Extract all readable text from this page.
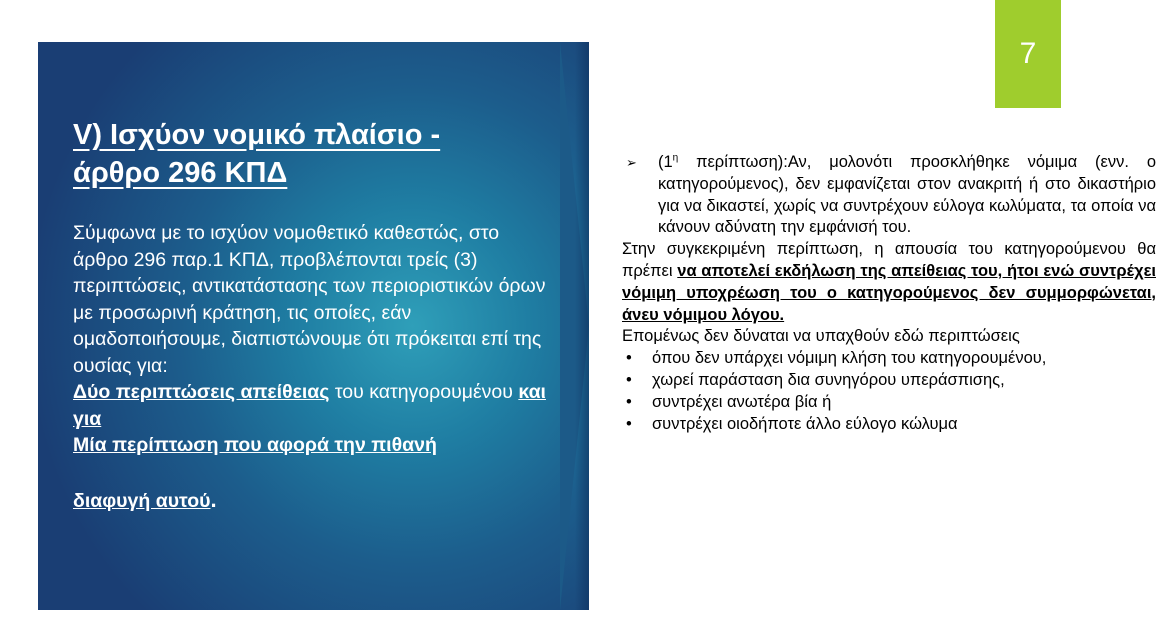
7
V) Ισχύον νομικό πλαίσιο -
άρθρο 296 ΚΠΔ
Σύμφωνα με το ισχύον νομοθετικό καθεστώς, στο άρθρο 296 παρ.1 ΚΠΔ, προβλέπονται τρείς (3) περιπτώσεις, αντικατάστασης των περιοριστικών όρων με προσωρινή κράτηση, τις οποίες, εάν ομαδοποιήσουμε, διαπιστώνουμε ότι πρόκειται επί της ουσίας για:
Δύο περιπτώσεις απείθειας του κατηγορουμένου και για
Μία περίπτωση που αφορά την πιθανή
διαφυγή αυτού.
➢ ($1^\eta$ περίπτωση):Αν, μολονότι προσκλήθηκε νόμιμα (ενν. ο κατηγορούμενος), δεν εμφανίζεται στον ανακριτή ή στο δικαστήριο για να δικαστεί, χωρίς να συντρέχουν εύλογα κωλύματα, τα οποία να κάνουν αδύνατη την εμφάνισή του.
Στην συγκεκριμένη περίπτωση, η απουσία του κατηγορούμενου θα πρέπει να αποτελεί εκδήλωση της απείθειας του, ήτοι ενώ συντρέχει νόμιμη υποχρέωση του ο κατηγορούμενος δεν συμμορφώνεται, άνευ νόμιμου λόγου.
Επομένως δεν δύναται να υπαχθούν εδώ περιπτώσεις
• όπου δεν υπάρχει νόμιμη κλήση του κατηγορουμένου,
• χωρεί παράσταση δια συνηγόρου υπεράσπισης,
• συντρέχει ανωτέρα βία ή
• συντρέχει οιοδήποτε άλλο εύλογο κώλυμα
